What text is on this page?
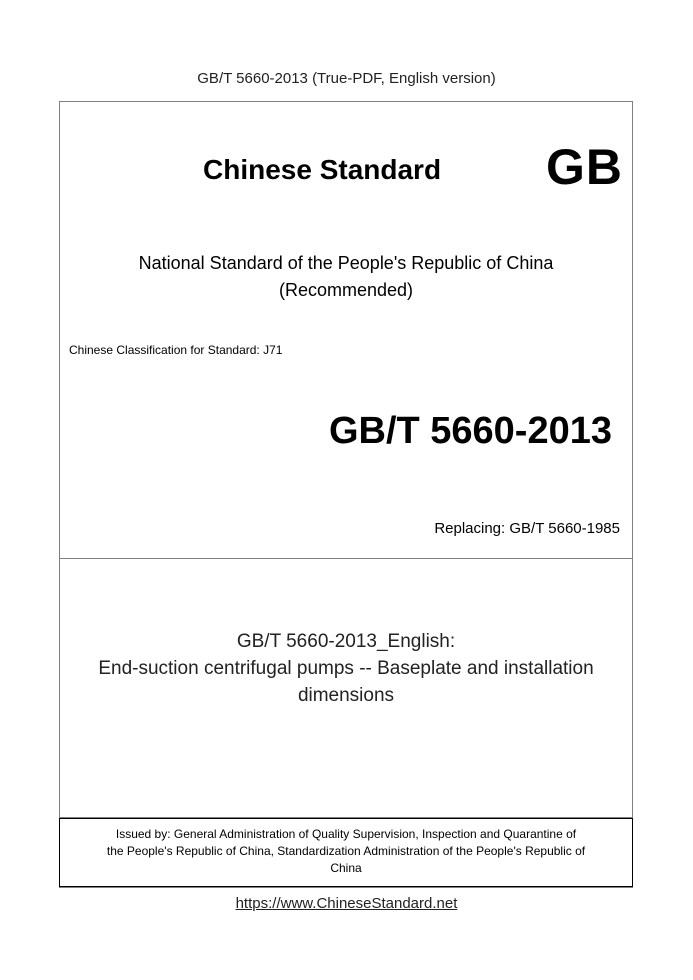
GB/T 5660-2013 (True-PDF, English version)
Chinese Standard GB
National Standard of the People's Republic of China
(Recommended)
Chinese Classification for Standard: J71
GB/T 5660-2013
Replacing: GB/T 5660-1985
GB/T 5660-2013_English:
End-suction centrifugal pumps -- Baseplate and installation
dimensions
Issued by: General Administration of Quality Supervision, Inspection and Quarantine of
the People's Republic of China, Standardization Administration of the People's Republic of
China
https://www.ChineseStandard.net
